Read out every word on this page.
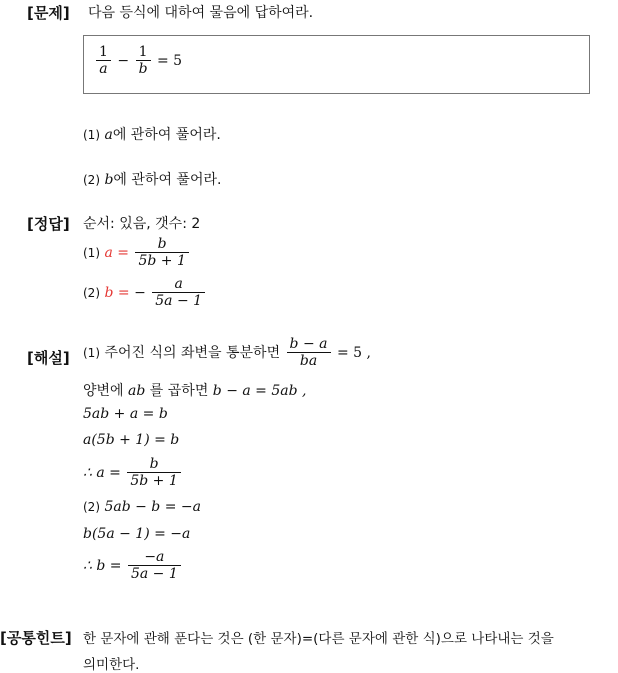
[문제] 다음 등식에 대하여 물음에 답하여라.
$\frac{1}{a} - \frac{1}{b} = 5$
(1) a에 관하여 풀어라.
(2) b에 관하여 풀어라.
[정답] 순서: 있음, 갯수: 2
(1) $a = \frac{b}{5b + 1}$
(2) b = − $\frac{a}{5a - 1}$
[해설] (1) 주어진 식의 좌변을 통분하면 $\frac{b - a}{ba} = 5$ ,
양변에 ab 를 곱하면 b − a = 5ab ,
5ab + a = b
a(5b + 1) = b
∴ $a = \frac{b}{5b + 1}$
(2) 5ab − b = −a
b(5a − 1) = −a
∴ $b = \frac{-a}{5a - 1}$
[공통힌트] 한 문자에 관해 푼다는 것은 (한 문자)=(다른 문자에 관한 식)으로 나타내는 것을
의미한다.
